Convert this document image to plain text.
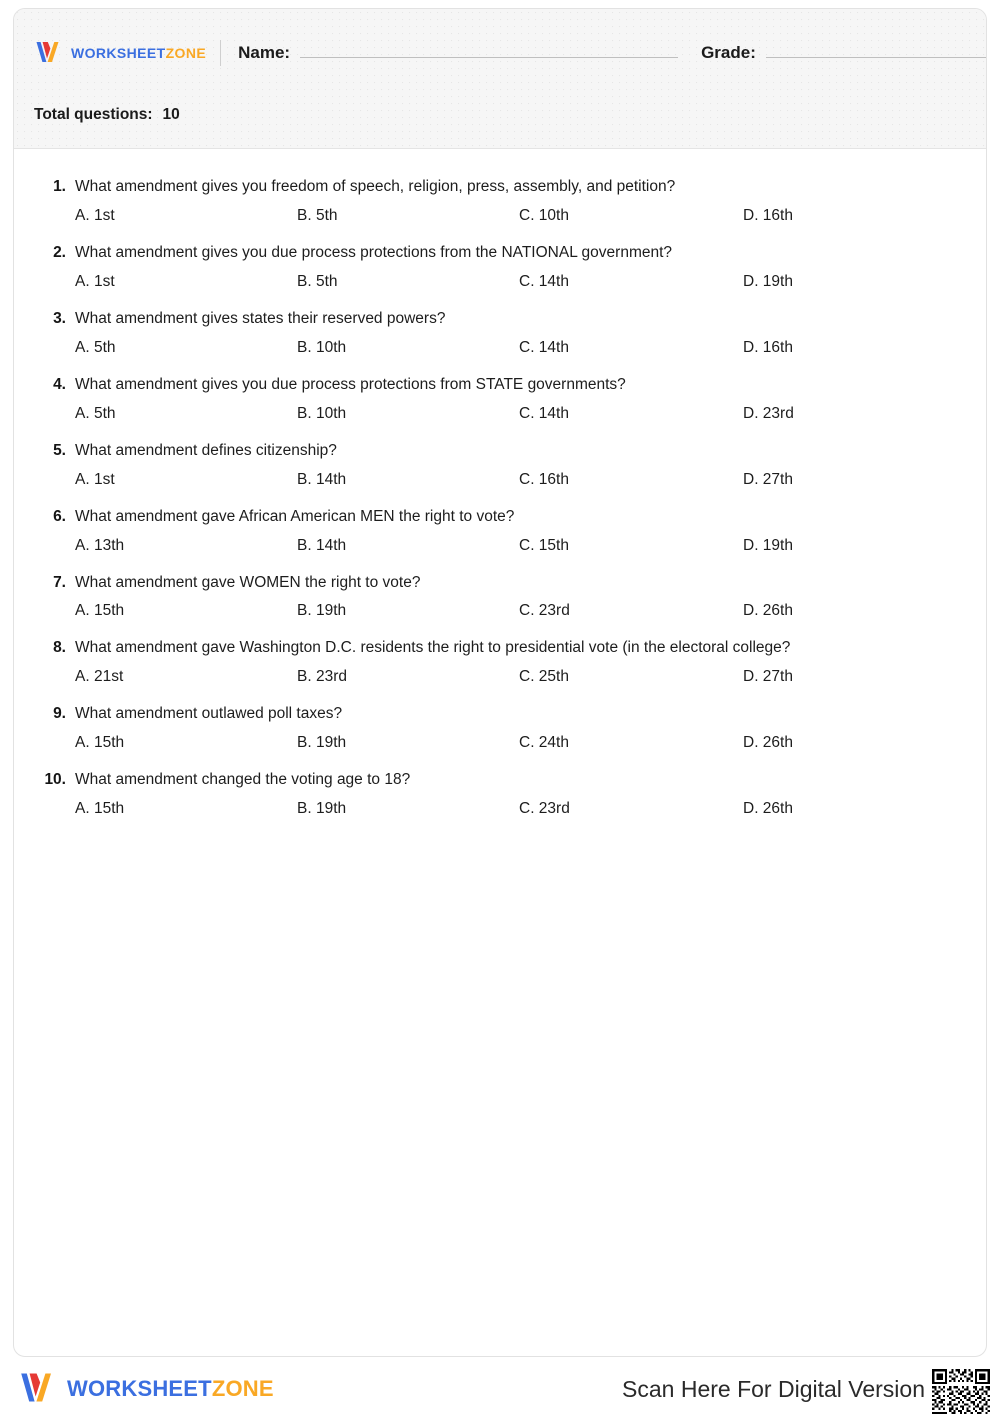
WORKSHEETZONE Name:	Grade:
Total questions: 10
1. What amendment gives you freedom of speech, religion, press, assembly, and petition?
A. 1st	B. 5th	C. 10th	D. 16th
2. What amendment gives you due process protections from the NATIONAL government?
A. 1st	B. 5th	C. 14th	D. 19th
3. What amendment gives states their reserved powers?
A. 5th	B. 10th	C. 14th	D. 16th
4. What amendment gives you due process protections from STATE governments?
A. 5th	B. 10th	C. 14th	D. 23rd
5. What amendment defines citizenship?
A. 1st	B. 14th	C. 16th	D. 27th
6. What amendment gave African American MEN the right to vote?
A. 13th	B. 14th	C. 15th	D. 19th
7. What amendment gave WOMEN the right to vote?
A. 15th	B. 19th	C. 23rd	D. 26th
8. What amendment gave Washington D.C. residents the right to presidential vote (in the electoral college?
A. 21st	B. 23rd	C. 25th	D. 27th
9. What amendment outlawed poll taxes?
A. 15th	B. 19th	C. 24th	D. 26th
10. What amendment changed the voting age to 18?
A. 15th	B. 19th	C. 23rd	D. 26th
WORKSHEETZONE	Scan Here For Digital Version
